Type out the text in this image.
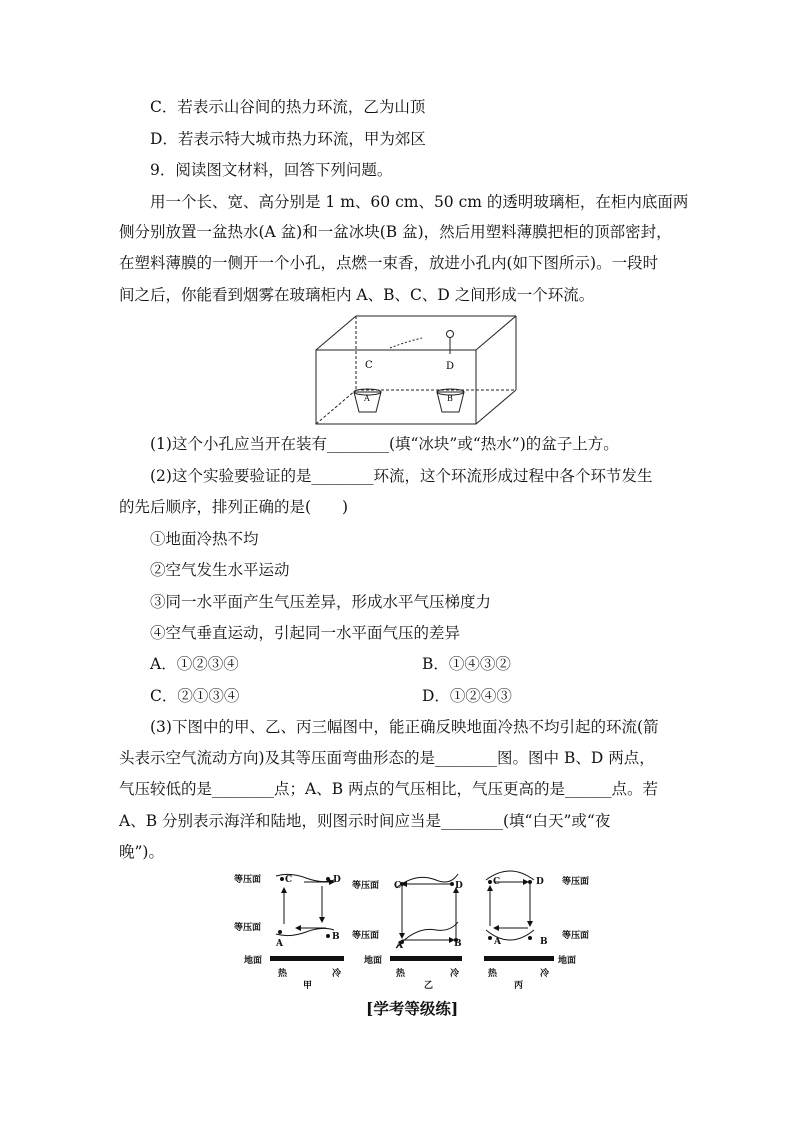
C．若表示山谷间的热力环流，乙为山顶
D．若表示特大城市热力环流，甲为郊区
9．阅读图文材料，回答下列问题。
用一个长、宽、高分别是 1 m、60 cm、50 cm 的透明玻璃柜，在柜内底面两
侧分别放置一盆热水(A 盆)和一盆冰块(B 盆)，然后用塑料薄膜把柜的顶部密封，
在塑料薄膜的一侧开一个小孔，点燃一束香，放进小孔内(如下图所示)。一段时
间之后，你能看到烟雾在玻璃柜内 A、B、C、D 之间形成一个环流。
C	D
A	B
(1)这个小孔应当开在装有________(填“冰块”或“热水”)的盆子上方。
(2)这个实验要验证的是________环流，这个环流形成过程中各个环节发生
的先后顺序，排列正确的是(　　)
①地面冷热不均
②空气发生水平运动
③同一水平面产生气压差异，形成水平气压梯度力
④空气垂直运动，引起同一水平面气压的差异
A．①②③④	B．①④③②
C．②①③④	D．①②④③
(3)下图中的甲、乙、丙三幅图中，能正确反映地面冷热不均引起的环流(箭
头表示空气流动方向)及其等压面弯曲形态的是________图。图中 B、D 两点，
气压较低的是________点；A、B 两点的气压相比，气压更高的是______点。若
A、B 分别表示海洋和陆地，则图示时间应当是________(填“白天”或“夜
晚”)。
等压面
等压面
地面
C	D
A
B
热	冷
甲
等压面
等压面
地面
C	D
A	B
热	冷
乙
C	D 等压面
A	B
等压面
地面
热	冷
丙
[学考等级练]
